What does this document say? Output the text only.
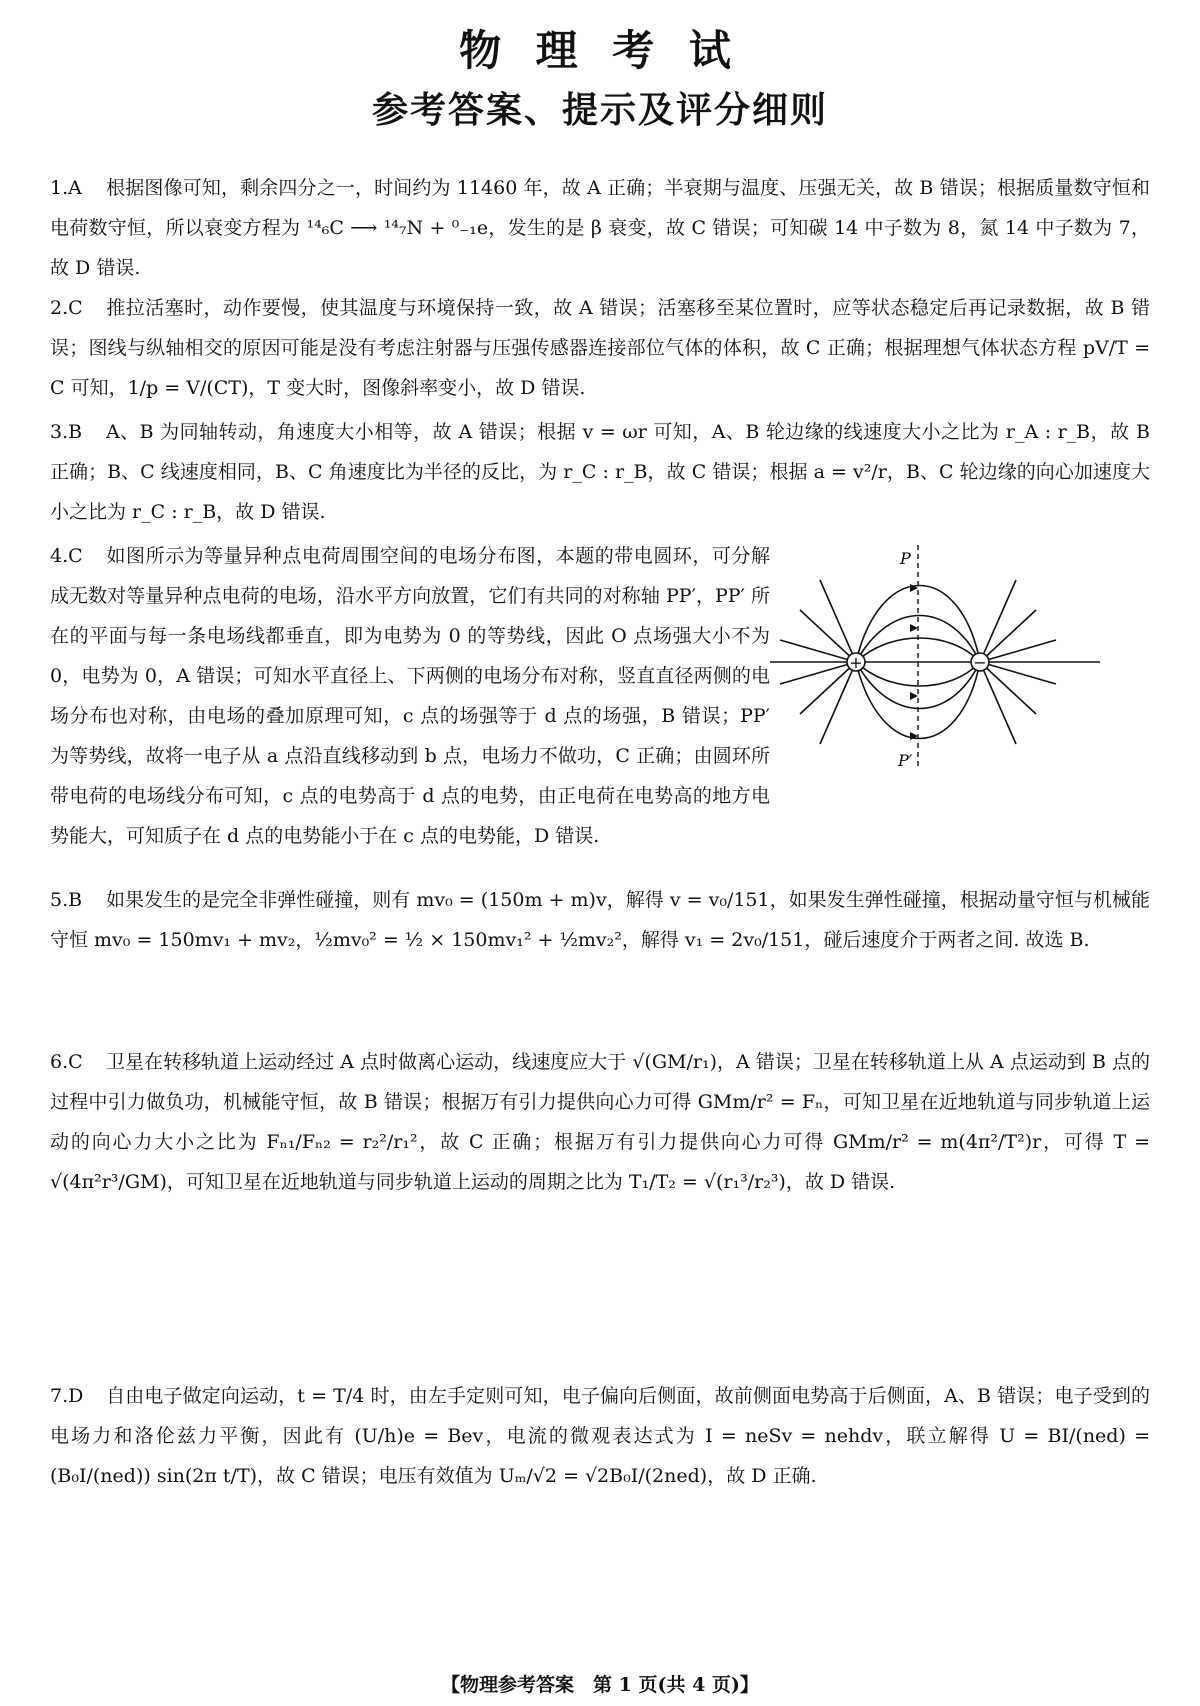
物 理 考 试
参考答案、提示及评分细则

1.A 根据图像可知，剩余四分之一，时间约为 11460 年，故 A 正确；半衰期与温度、压强无关，故 B 错误；根据质量数守恒和电荷数守恒，所以衰变方程为 ¹⁴₆C ⟶ ¹⁴₇N + ⁰₋₁e，发生的是 β 衰变，故 C 错误；可知碳 14 中子数为 8，氮 14 中子数为 7，故 D 错误.

2.C 推拉活塞时，动作要慢，使其温度与环境保持一致，故 A 错误；活塞移至某位置时，应等状态稳定后再记录数据，故 B 错误；图线与纵轴相交的原因可能是没有考虑注射器与压强传感器连接部位气体的体积，故 C 正确；根据理想气体状态方程 pV/T = C 可知，1/p = V/(CT)，T 变大时，图像斜率变小，故 D 错误.

3.B A、B 为同轴转动，角速度大小相等，故 A 错误；根据 v = ωr 可知，A、B 轮边缘的线速度大小之比为 r_A : r_B，故 B 正确；B、C 线速度相同，B、C 角速度比为半径的反比，为 r_C : r_B，故 C 错误；根据 a = v²/r，B、C 轮边缘的向心加速度大小之比为 r_C : r_B，故 D 错误.

4.C 如图所示为等量异种点电荷周围空间的电场分布图，本题的带电圆环，可分解成无数对等量异种点电荷的电场，沿水平方向放置，它们有共同的对称轴 PP′，PP′ 所在的平面与每一条电场线都垂直，即为电势为 0 的等势线，因此 O 点场强大小不为 0，电势为 0，A 错误；可知水平直径上、下两侧的电场分布对称，竖直直径两侧的电场分布也对称，由电场的叠加原理可知，c 点的场强等于 d 点的场强，B 错误；PP′ 为等势线，故将一电子从 a 点沿直线移动到 b 点，电场力不做功，C 正确；由圆环所带电荷的电场线分布可知，c 点的电势高于 d 点的电势，由正电荷在电势高的地方电势能大，可知质子在 d 点的电势能小于在 c 点的电势能，D 错误.

+	−
P
P′

5.B 如果发生的是完全非弹性碰撞，则有 mv₀ = (150m + m)v，解得 v = v₀/151，如果发生弹性碰撞，根据动量守恒与机械能守恒 mv₀ = 150mv₁ + mv₂，½mv₀² = ½ × 150mv₁² + ½mv₂²，解得 v₁ = 2v₀/151，碰后速度介于两者之间. 故选 B.

6.C 卫星在转移轨道上运动经过 A 点时做离心运动，线速度应大于 √(GM/r₁)，A 错误；卫星在转移轨道上从 A 点运动到 B 点的过程中引力做负功，机械能守恒，故 B 错误；根据万有引力提供向心力可得 GMm/r² = Fₙ，可知卫星在近地轨道与同步轨道上运动的向心力大小之比为 Fₙ₁/Fₙ₂ = r₂²/r₁²，故 C 正确；根据万有引力提供向心力可得 GMm/r² = m(4π²/T²)r，可得 T = √(4π²r³/GM)，可知卫星在近地轨道与同步轨道上运动的周期之比为 T₁/T₂ = √(r₁³/r₂³)，故 D 错误.

7.D 自由电子做定向运动，t = T/4 时，由左手定则可知，电子偏向后侧面，故前侧面电势高于后侧面，A、B 错误；电子受到的电场力和洛伦兹力平衡，因此有 (U/h)e = Bev，电流的微观表达式为 I = neSv = nehdv，联立解得 U = BI/(ned) = (B₀I/(ned)) sin(2π t/T)，故 C 错误；电压有效值为 Uₘ/√2 = √2B₀I/(2ned)，故 D 正确.

【物理参考答案　第 1 页(共 4 页)】
